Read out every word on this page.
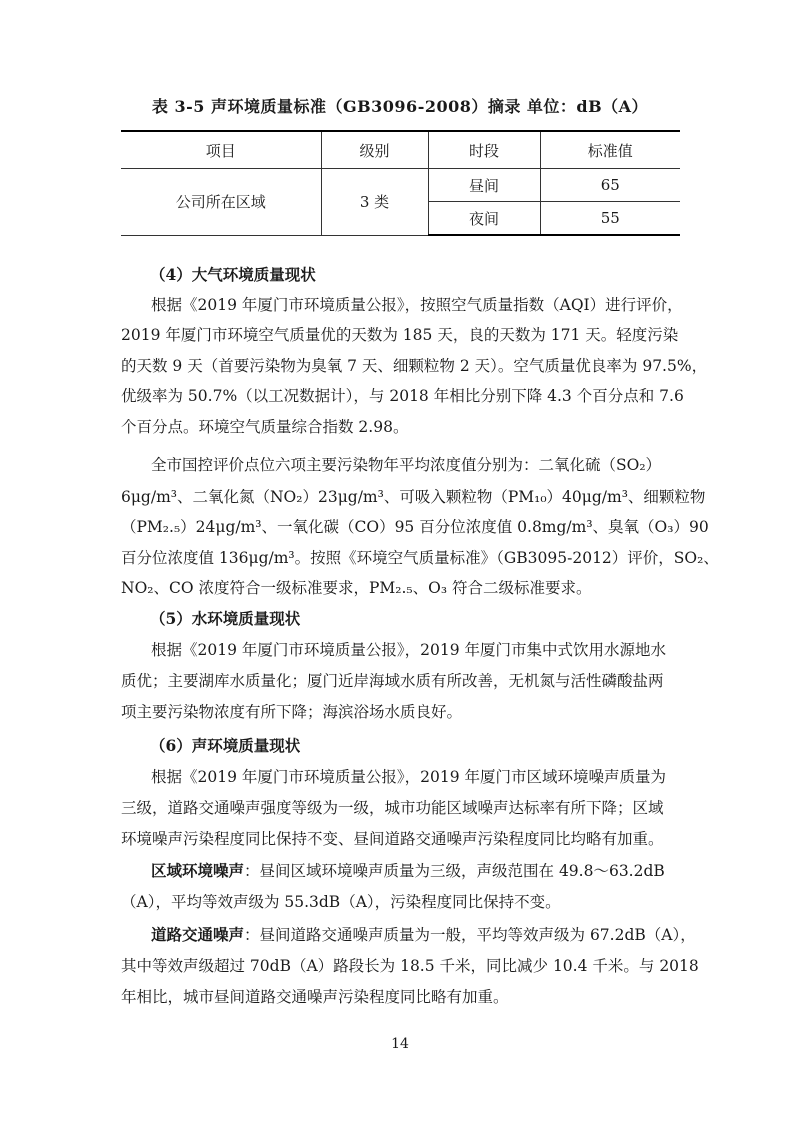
表 3-5 声环境质量标准（GB3096-2008）摘录 单位：dB（A）
项目	级别	时段	标准值
公司所在区域	3 类	昼间	65
		夜间	55
（4）大气环境质量现状
根据《2019 年厦门市环境质量公报》，按照空气质量指数（AQI）进行评价，
2019 年厦门市环境空气质量优的天数为 185 天，良的天数为 171 天。轻度污染
的天数 9 天（首要污染物为臭氧 7 天、细颗粒物 2 天）。空气质量优良率为 97.5%，
优级率为 50.7%（以工况数据计），与 2018 年相比分别下降 4.3 个百分点和 7.6
个百分点。环境空气质量综合指数 2.98。
全市国控评价点位六项主要污染物年平均浓度值分别为：二氧化硫（SO₂）
6μg/m³、二氧化氮（NO₂）23μg/m³、可吸入颗粒物（PM₁₀）40μg/m³、细颗粒物
（PM₂.₅）24μg/m³、一氧化碳（CO）95 百分位浓度值 0.8mg/m³、臭氧（O₃）90
百分位浓度值 136μg/m³。按照《环境空气质量标准》（GB3095-2012）评价，SO₂、
NO₂、CO 浓度符合一级标准要求，PM₂.₅、O₃ 符合二级标准要求。
（5）水环境质量现状
根据《2019 年厦门市环境质量公报》，2019 年厦门市集中式饮用水源地水
质优；主要湖库水质量化；厦门近岸海域水质有所改善，无机氮与活性磷酸盐两
项主要污染物浓度有所下降；海滨浴场水质良好。
（6）声环境质量现状
根据《2019 年厦门市环境质量公报》，2019 年厦门市区域环境噪声质量为
三级，道路交通噪声强度等级为一级，城市功能区域噪声达标率有所下降；区域
环境噪声污染程度同比保持不变、昼间道路交通噪声污染程度同比均略有加重。
区域环境噪声：昼间区域环境噪声质量为三级，声级范围在 49.8～63.2dB
（A），平均等效声级为 55.3dB（A），污染程度同比保持不变。
道路交通噪声：昼间道路交通噪声质量为一般，平均等效声级为 67.2dB（A），
其中等效声级超过 70dB（A）路段长为 18.5 千米，同比减少 10.4 千米。与 2018
年相比，城市昼间道路交通噪声污染程度同比略有加重。
14
